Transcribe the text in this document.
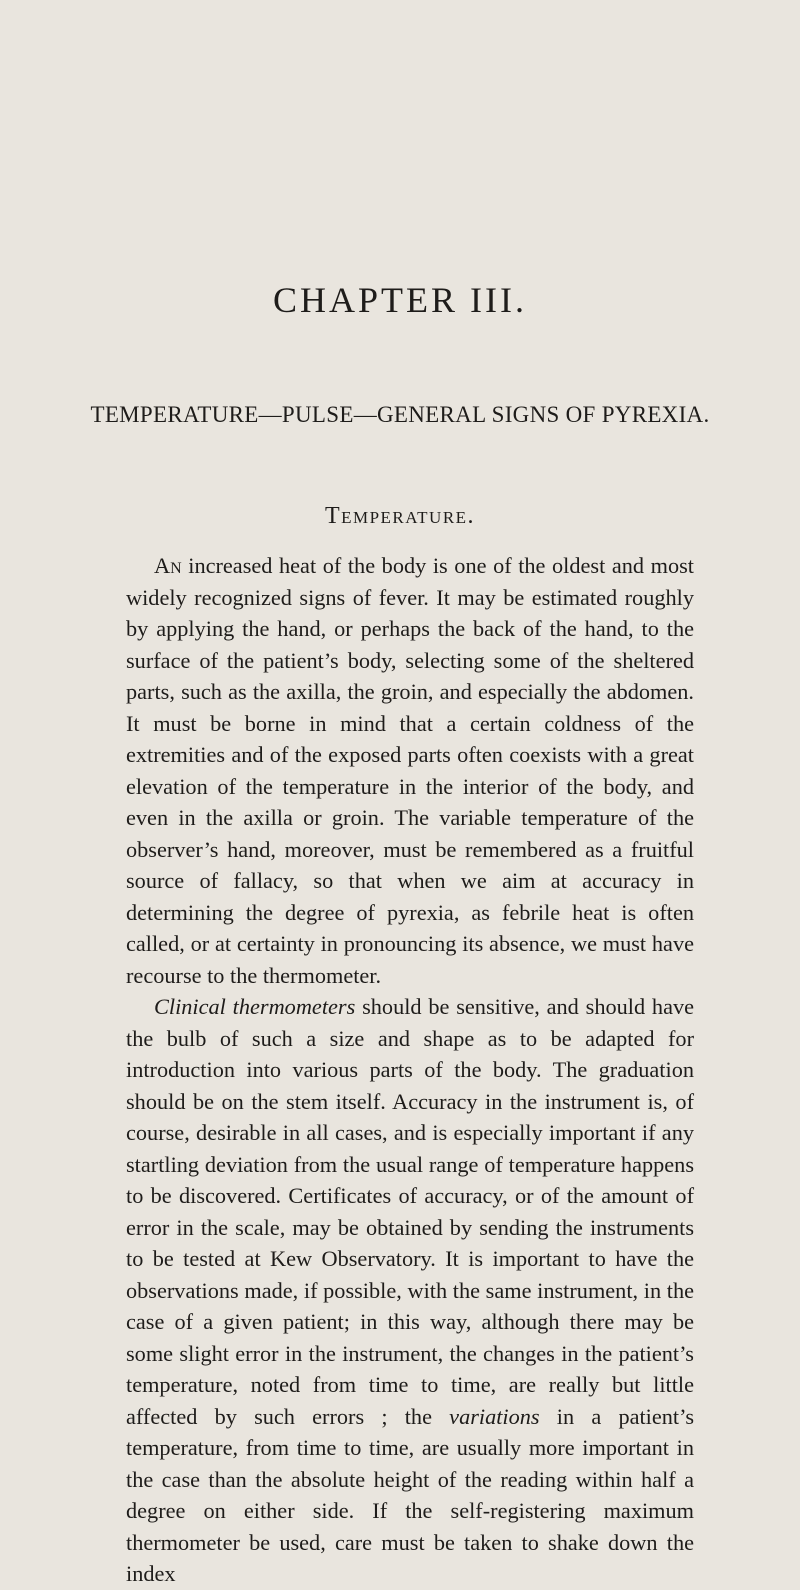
CHAPTER III.
TEMPERATURE—PULSE—GENERAL SIGNS OF PYREXIA.
Temperature.

An increased heat of the body is one of the oldest and most widely recognized signs of fever. It may be estimated roughly by applying the hand, or perhaps the back of the hand, to the surface of the patient’s body, selecting some of the sheltered parts, such as the axilla, the groin, and especially the abdomen. It must be borne in mind that a certain coldness of the extremities and of the exposed parts often coexists with a great elevation of the temperature in the interior of the body, and even in the axilla or groin. The variable temperature of the observer’s hand, moreover, must be remembered as a fruitful source of fallacy, so that when we aim at accuracy in determining the degree of pyrexia, as febrile heat is often called, or at certainty in pronouncing its absence, we must have recourse to the thermometer.

Clinical thermometers should be sensitive, and should have the bulb of such a size and shape as to be adapted for introduction into various parts of the body. The graduation should be on the stem itself. Accuracy in the instrument is, of course, desirable in all cases, and is especially important if any startling deviation from the usual range of temperature happens to be discovered. Certificates of accuracy, or of the amount of error in the scale, may be obtained by sending the instruments to be tested at Kew Observatory. It is important to have the observations made, if possible, with the same instrument, in the case of a given patient; in this way, although there may be some slight error in the instrument, the changes in the patient’s temperature, noted from time to time, are really but little affected by such errors ; the variations in a patient’s temperature, from time to time, are usually more important in the case than the absolute height of the reading within half a degree on either side. If the self-registering maximum thermometer be used, care must be taken to shake down the index
